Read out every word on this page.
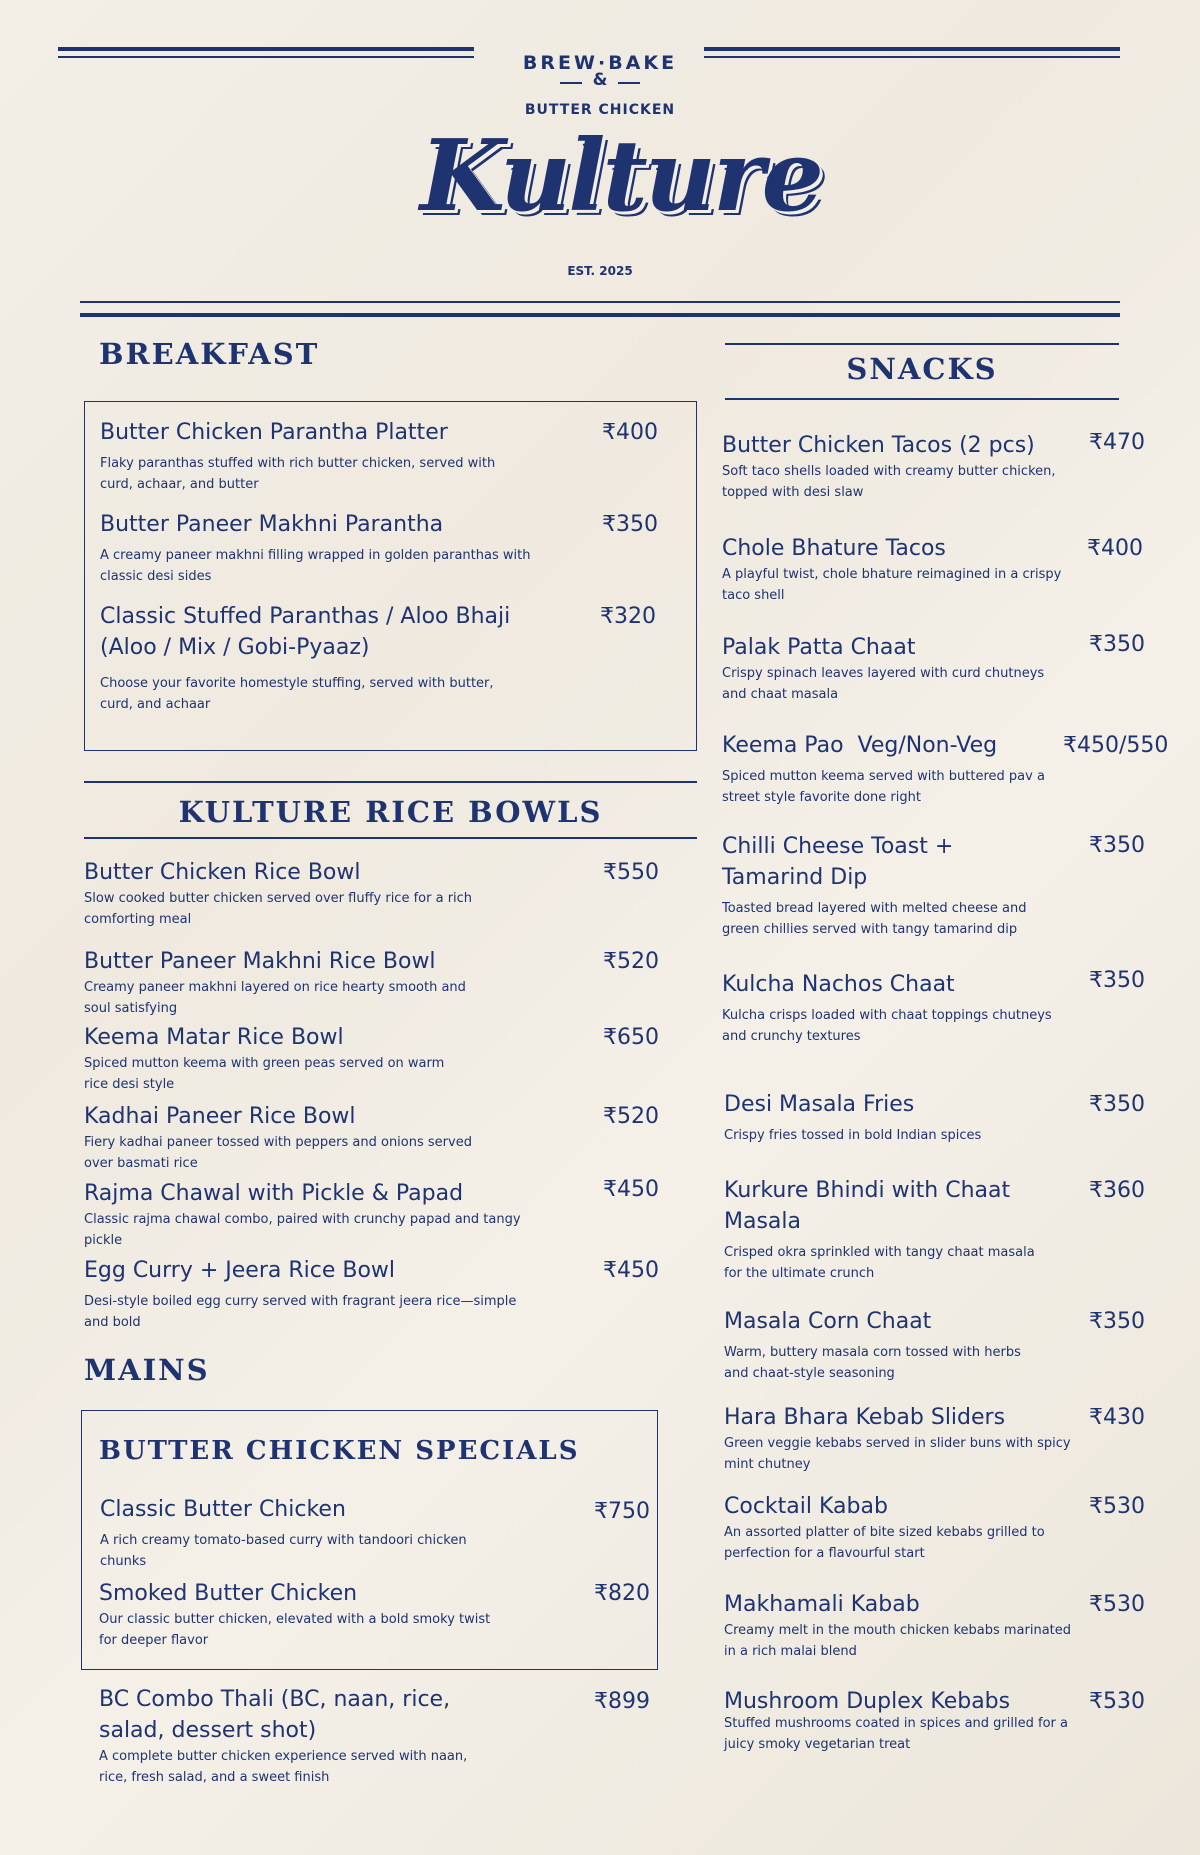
BREW·BAKE
&
BUTTER CHICKEN
Kulture
EST. 2025
BREAKFAST
Butter Chicken Parantha Platter
Flaky paranthas stuffed with rich butter chicken, served with curd, achaar, and butter
₹400
Butter Paneer Makhni Parantha
A creamy paneer makhni filling wrapped in golden paranthas with classic desi sides
₹350
Classic Stuffed Paranthas / Aloo Bhaji (Aloo / Mix / Gobi-Pyaaz)
Choose your favorite homestyle stuffing, served with butter, curd, and achaar
₹320
KULTURE RICE BOWLS
Butter Chicken Rice Bowl
Slow cooked butter chicken served over fluffy rice for a rich comforting meal
₹550
Butter Paneer Makhni Rice Bowl
Creamy paneer makhni layered on rice hearty smooth and soul satisfying
₹520
Keema Matar Rice Bowl
Spiced mutton keema with green peas served on warm rice desi style
₹650
Kadhai Paneer Rice Bowl
Fiery kadhai paneer tossed with peppers and onions served over basmati rice
₹520
Rajma Chawal with Pickle & Papad
Classic rajma chawal combo, paired with crunchy papad and tangy pickle
₹450
Egg Curry + Jeera Rice Bowl
Desi-style boiled egg curry served with fragrant jeera rice—simple and bold
₹450
MAINS
BUTTER CHICKEN SPECIALS
Classic Butter Chicken
A rich creamy tomato-based curry with tandoori chicken chunks
₹750
Smoked Butter Chicken
Our classic butter chicken, elevated with a bold smoky twist for deeper flavor
₹820
BC Combo Thali (BC, naan, rice, salad, dessert shot)
A complete butter chicken experience served with naan, rice, fresh salad, and a sweet finish
₹899
SNACKS
Butter Chicken Tacos (2 pcs)
Soft taco shells loaded with creamy butter chicken, topped with desi slaw
₹470
Chole Bhature Tacos
A playful twist, chole bhature reimagined in a crispy taco shell
₹400
Palak Patta Chaat
Crispy spinach leaves layered with curd chutneys and chaat masala
₹350
Keema Pao  Veg/Non-Veg
Spiced mutton keema served with buttered pav a street style favorite done right
₹450/550
Chilli Cheese Toast + Tamarind Dip
Toasted bread layered with melted cheese and green chillies served with tangy tamarind dip
₹350
Kulcha Nachos Chaat
Kulcha crisps loaded with chaat toppings chutneys and crunchy textures
₹350
Desi Masala Fries
Crispy fries tossed in bold Indian spices
₹350
Kurkure Bhindi with Chaat Masala
Crisped okra sprinkled with tangy chaat masala for the ultimate crunch
₹360
Masala Corn Chaat
Warm, buttery masala corn tossed with herbs and chaat-style seasoning
₹350
Hara Bhara Kebab Sliders
Green veggie kebabs served in slider buns with spicy mint chutney
₹430
Cocktail Kabab
An assorted platter of bite sized kebabs grilled to perfection for a flavourful start
₹530
Makhamali Kabab
Creamy melt in the mouth chicken kebabs marinated in a rich malai blend
₹530
Mushroom Duplex Kebabs
Stuffed mushrooms coated in spices and grilled for a juicy smoky vegetarian treat
₹530
